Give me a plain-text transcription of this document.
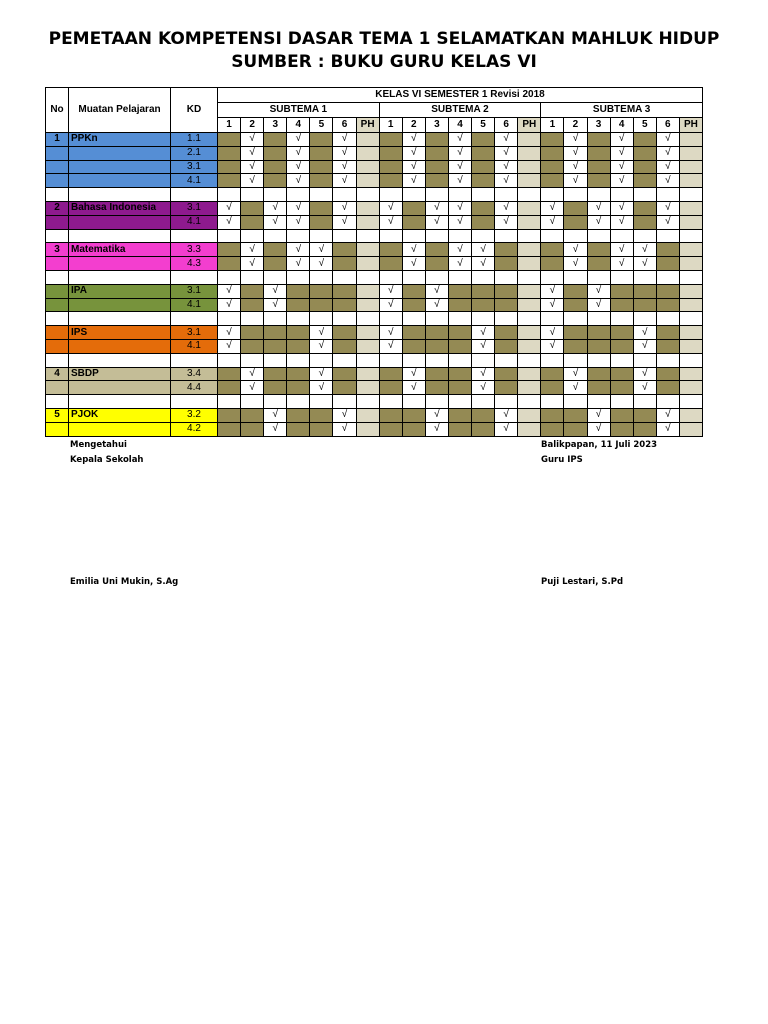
PEMETAAN KOMPETENSI DASAR TEMA 1 SELAMATKAN MAHLUK HIDUP
SUMBER : BUKU GURU KELAS VI
No	Muatan Pelajaran	KD	KELAS VI SEMESTER 1 Revisi 2018																				
			SUBTEMA 1							SUBTEMA 2							SUBTEMA 3						
			1	2	3	4	5	6	PH	1	2	3	4	5	6	PH	1	2	3	4	5	6	PH
1	PPKn	1.1		√		√		√			√		√		√			√		√		√	
		2.1		√		√		√			√		√		√			√		√		√	
		3.1		√		√		√			√		√		√			√		√		√	
		4.1		√		√		√			√		√		√			√		√		√	

2	Bahasa Indonesia	3.1	√		√	√		√		√		√	√		√		√		√	√		√	
		4.1	√		√	√		√		√		√	√		√		√		√	√		√	

3	Matematika	3.3		√		√	√				√		√	√				√		√	√		
		4.3		√		√	√				√		√	√				√		√	√		

	IPA	3.1	√		√					√		√					√		√				
		4.1	√		√					√		√					√		√				

	IPS	3.1	√				√			√				√			√				√		
		4.1	√				√			√				√			√				√		

4	SBDP	3.4		√			√				√			√				√			√		
		4.4		√			√				√			√				√			√		

5	PJOK	3.2			√			√				√			√				√			√	
		4.2			√			√				√			√				√			√	
Mengetahui
Kepala Sekolah
Emilia Uni Mukin, S.Ag
Balikpapan, 11 Juli 2023
Guru IPS
Puji Lestari, S.Pd
